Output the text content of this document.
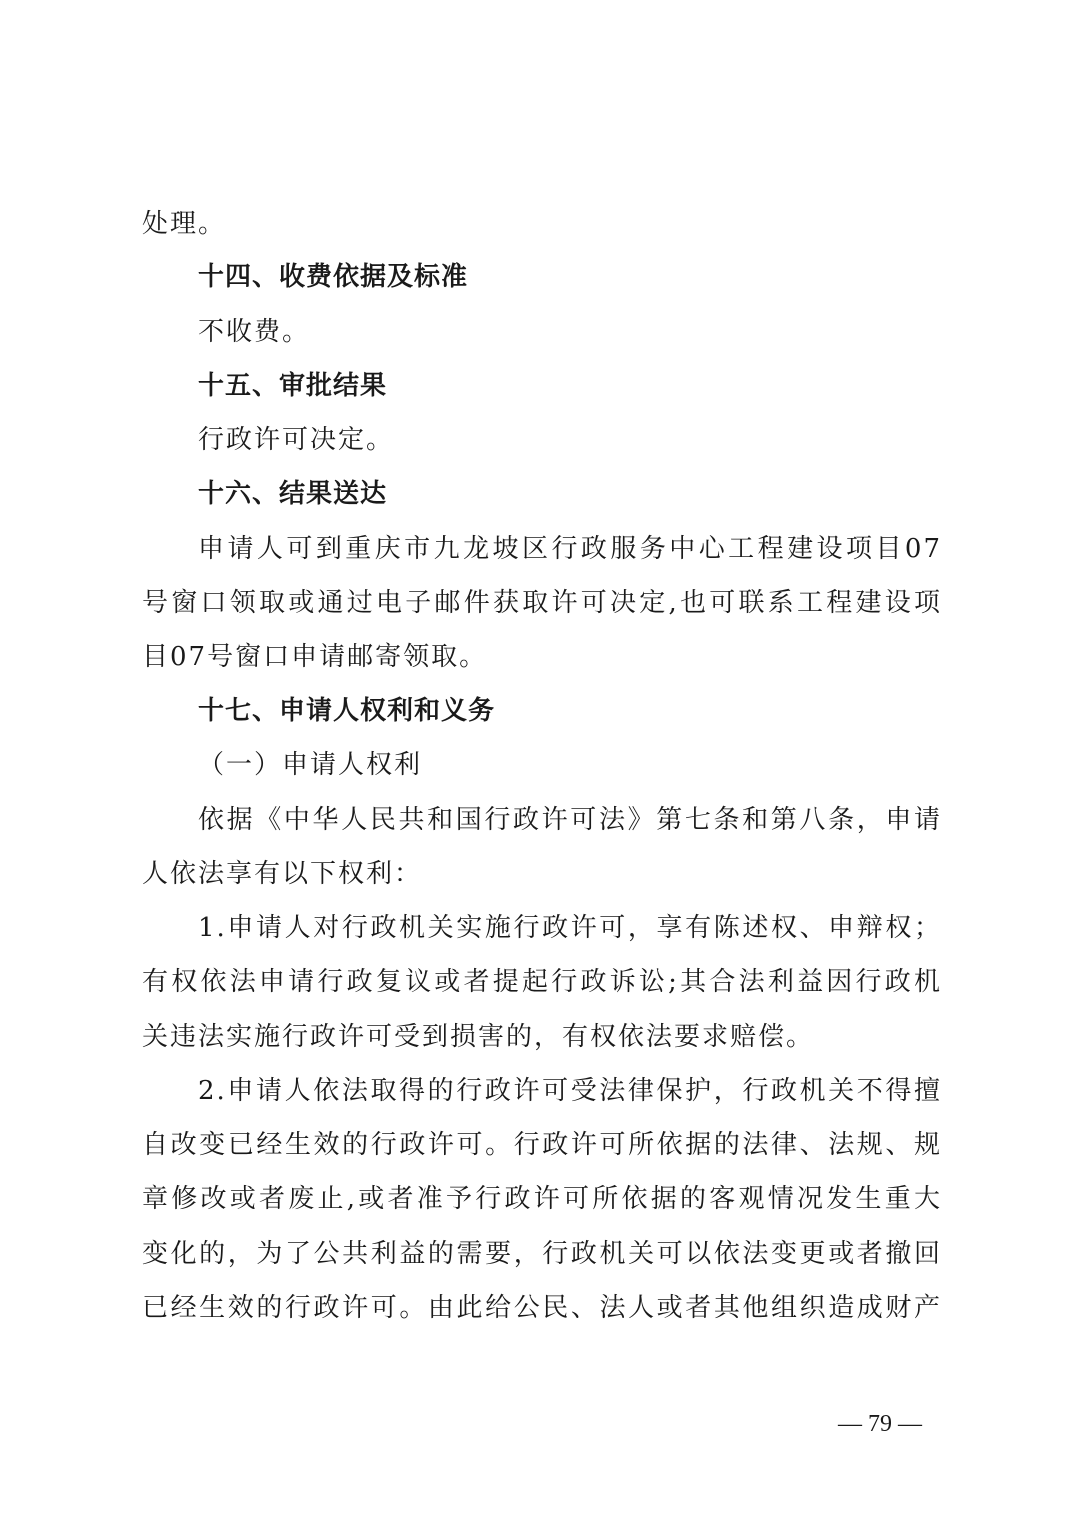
处理。
十四、收费依据及标准
不收费。
十五、审批结果
行政许可决定。
十六、结果送达
申请人可到重庆市九龙坡区行政服务中心工程建设项目07
号窗口领取或通过电子邮件获取许可决定,也可联系工程建设项
目07号窗口申请邮寄领取。
十七、申请人权利和义务
（一）申请人权利
依据《中华人民共和国行政许可法》第七条和第八条，申请
人依法享有以下权利：
1.申请人对行政机关实施行政许可，享有陈述权、申辩权；
有权依法申请行政复议或者提起行政诉讼;其合法利益因行政机
关违法实施行政许可受到损害的，有权依法要求赔偿。
2.申请人依法取得的行政许可受法律保护，行政机关不得擅
自改变已经生效的行政许可。行政许可所依据的法律、法规、规
章修改或者废止,或者准予行政许可所依据的客观情况发生重大
变化的，为了公共利益的需要，行政机关可以依法变更或者撤回
已经生效的行政许可。由此给公民、法人或者其他组织造成财产
— 79 —
